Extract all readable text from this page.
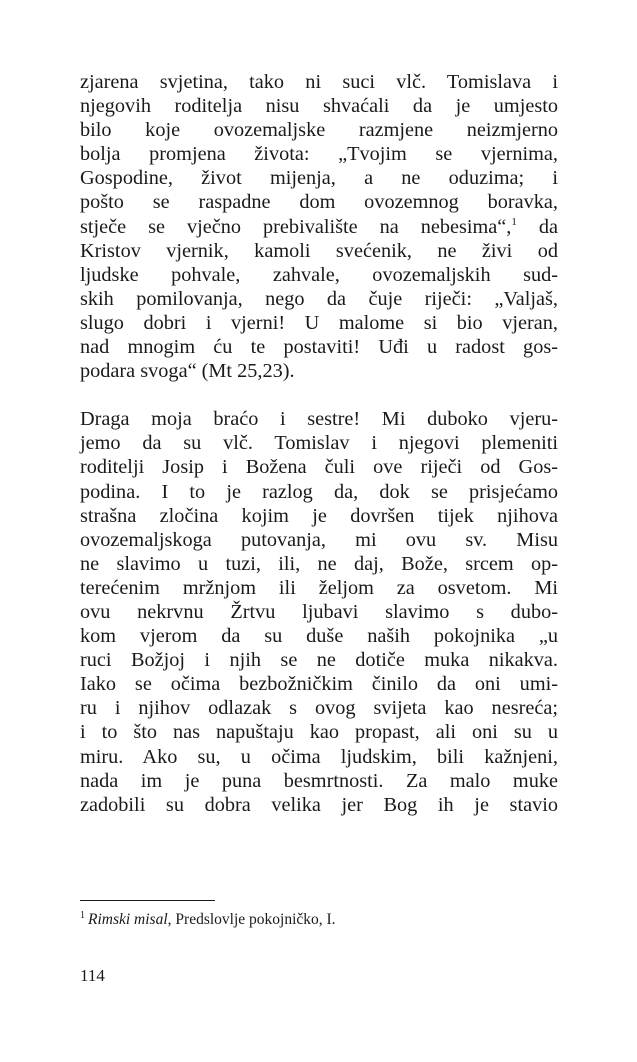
zjarena svjetina, tako ni suci vlč. Tomislava i
njegovih roditelja nisu shvaćali da je umjesto
bilo koje ovozemaljske razmjene neizmjerno
bolja promjena života: „Tvojim se vjernima,
Gospodine, život mijenja, a ne oduzima; i
pošto se raspadne dom ovozemnog boravka,
stječe se vječno prebivalište na nebesima“,$^1$ da
Kristov vjernik, kamoli svećenik, ne živi od
ljudske pohvale, zahvale, ovozemaljskih sud-
skih pomilovanja, nego da čuje riječi: „Valjaš,
slugo dobri i vjerni! U malome si bio vjeran,
nad mnogim ću te postaviti! Uđi u radost gos-
podara svoga“ (Mt 25,23).

Draga moja braćo i sestre! Mi duboko vjeru-
jemo da su vlč. Tomislav i njegovi plemeniti
roditelji Josip i Božena čuli ove riječi od Gos-
podina. I to je razlog da, dok se prisjećamo
strašna zločina kojim je dovršen tijek njihova
ovozemaljskoga putovanja, mi ovu sv. Misu
ne slavimo u tuzi, ili, ne daj, Bože, srcem op-
terećenim mržnjom ili željom za osvetom. Mi
ovu nekrvnu Žrtvu ljubavi slavimo s dubo-
kom vjerom da su duše naših pokojnika „u
ruci Božjoj i njih se ne dotiče muka nikakva.
Iako se očima bezbožničkim činilo da oni umi-
ru i njihov odlazak s ovog svijeta kao nesreća;
i to što nas napuštaju kao propast, ali oni su u
miru. Ako su, u očima ljudskim, bili kažnjeni,
nada im je puna besmrtnosti. Za malo muke
zadobili su dobra velika jer Bog ih je stavio

$^1$ Rimski misal, Predslovlje pokojničko, I.
114
